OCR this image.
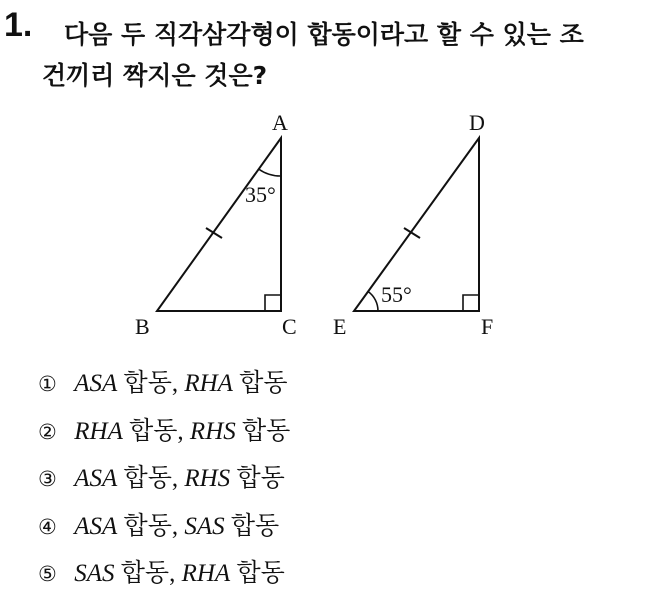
1. 다음 두 직각삼각형이 합동이라고 할 수 있는 조
건끼리 짝지은 것은?
A
B	C
35°
D
E	F
55°
① ASA 합동, RHA 합동
② RHA 합동, RHS 합동
③ ASA 합동, RHS 합동
④ ASA 합동, SAS 합동
⑤ SAS 합동, RHA 합동
